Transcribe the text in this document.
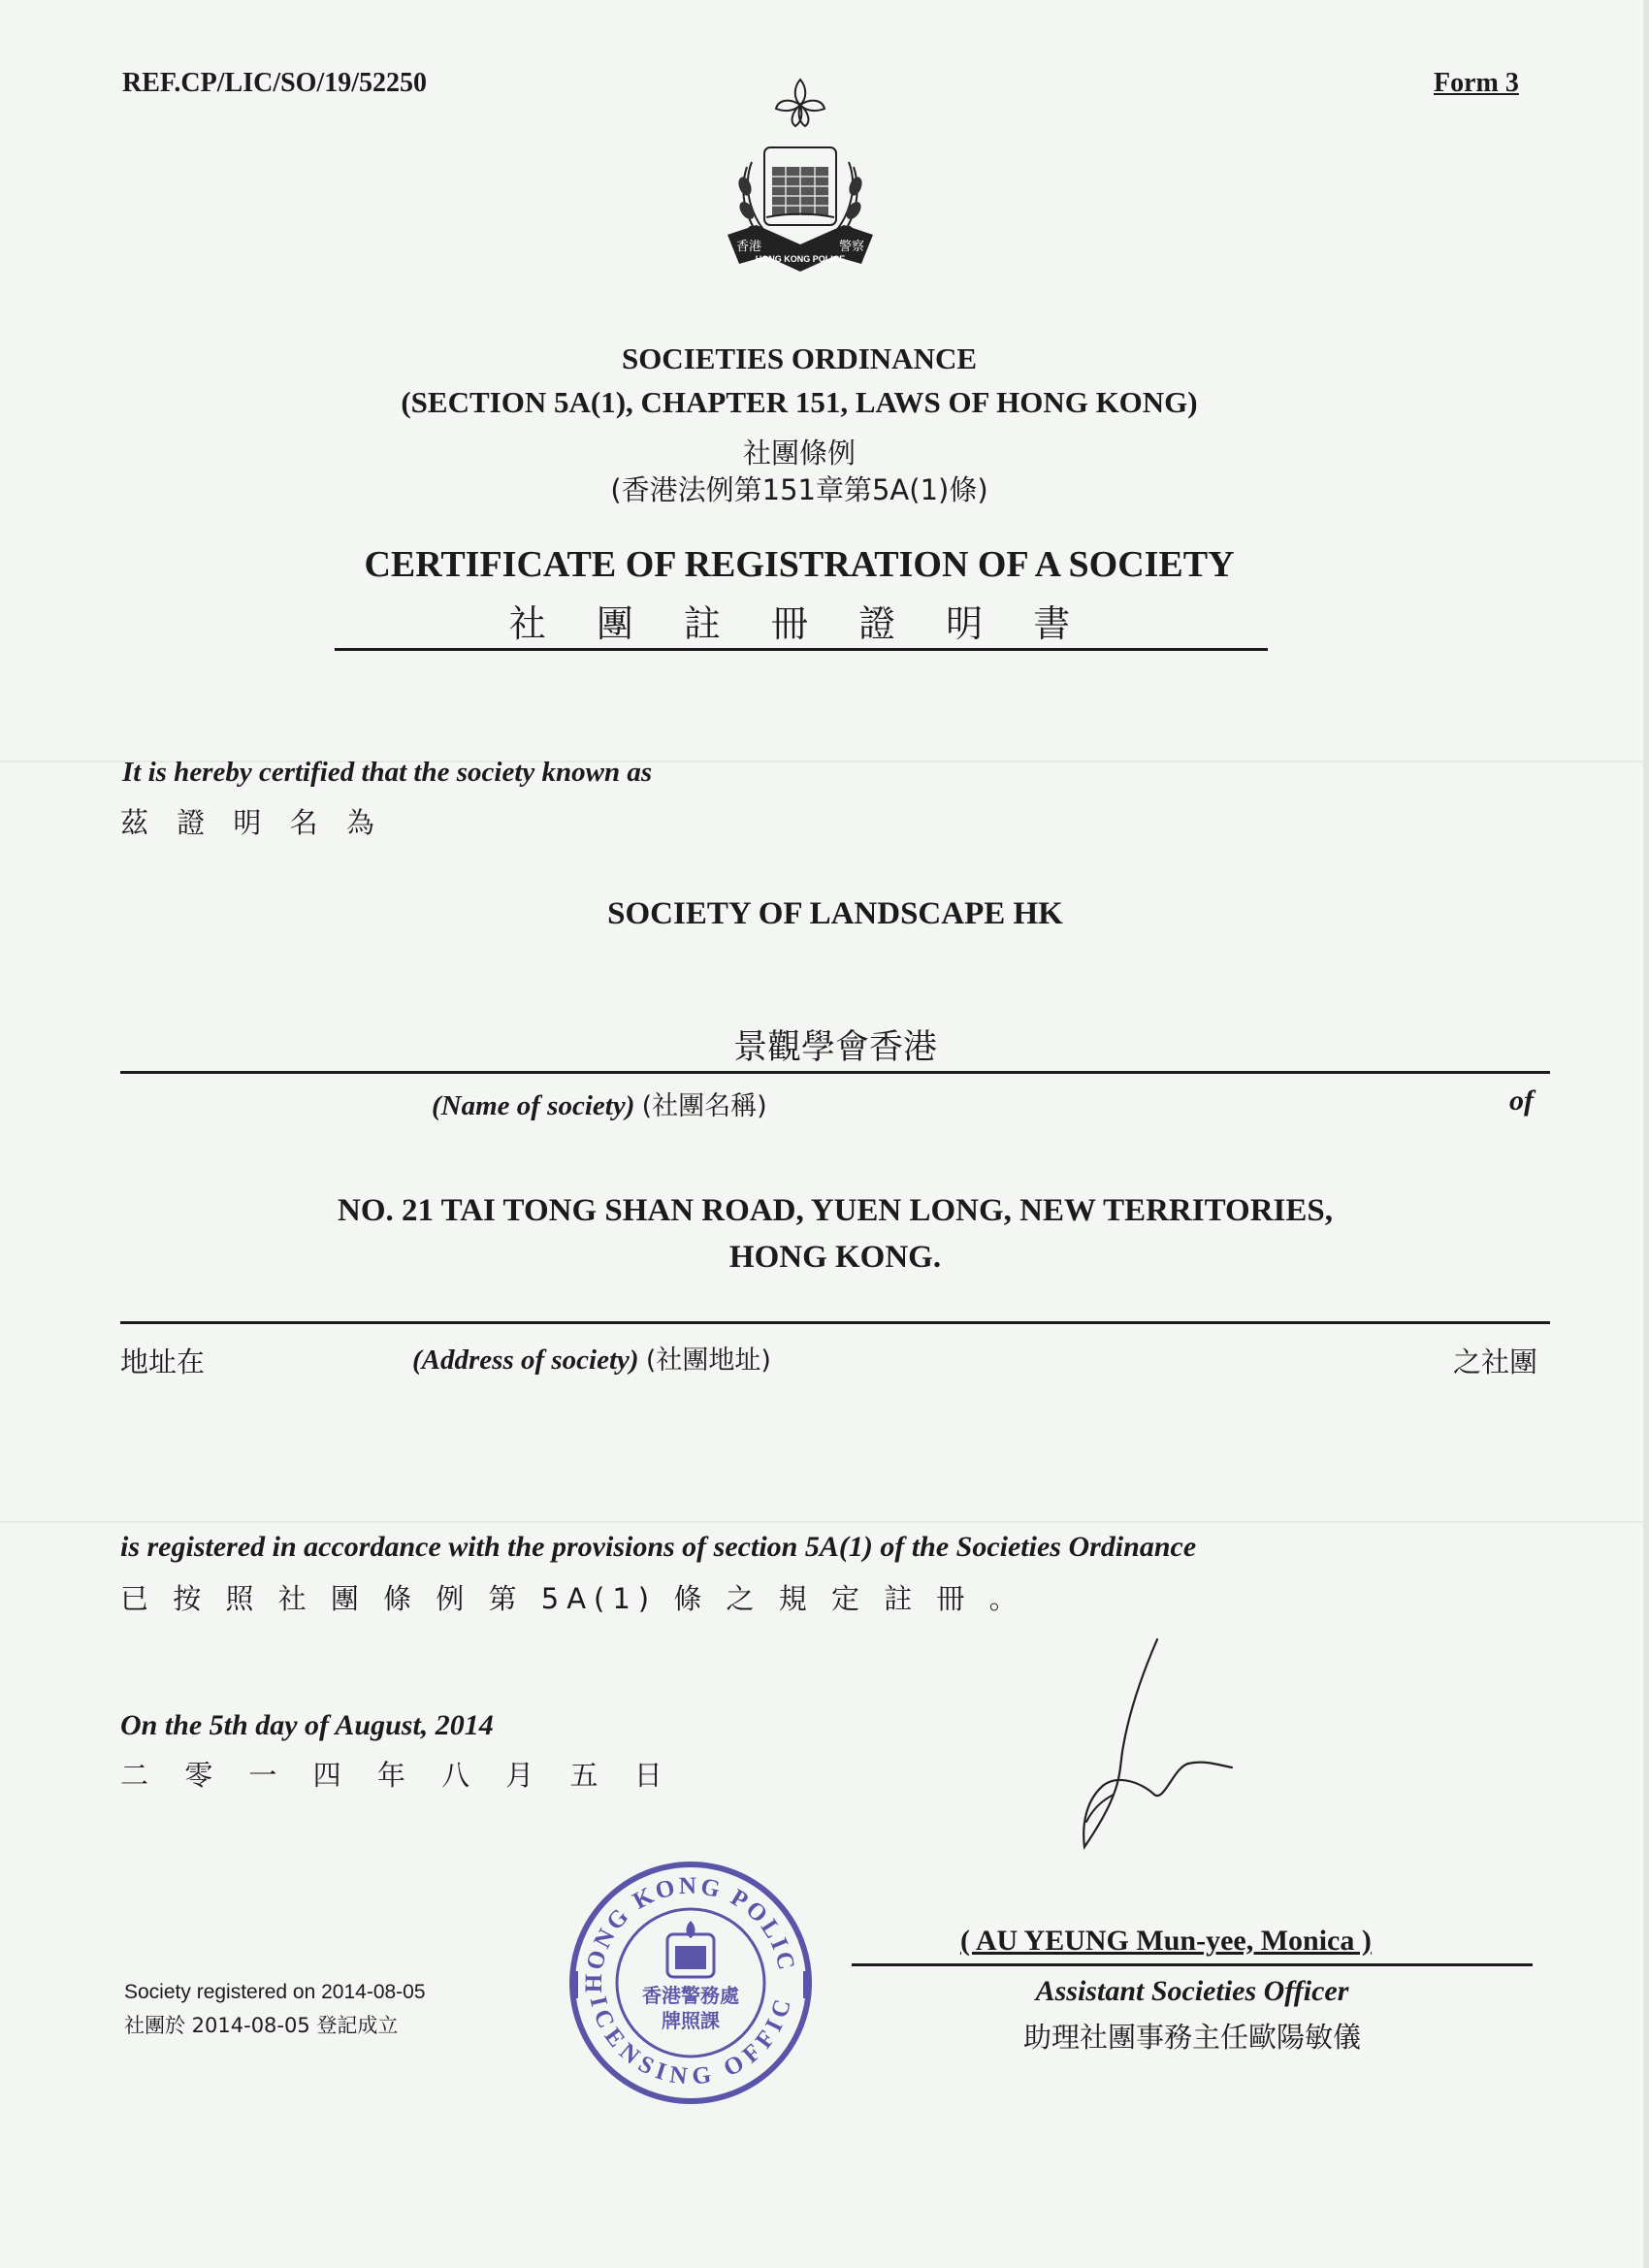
REF.CP/LIC/SO/19/52250	Form 3
HONG KONG POLICE
香港	警察
SOCIETIES ORDINANCE
(SECTION 5A(1), CHAPTER 151, LAWS OF HONG KONG)
社團條例
(香港法例第151章第5A(1)條)
CERTIFICATE OF REGISTRATION OF A SOCIETY
社 團 註 冊 證 明 書
It is hereby certified that the society known as
茲 證 明 名 為
SOCIETY OF LANDSCAPE HK
景觀學會香港
(Name of society) (社團名稱)	of
NO. 21 TAI TONG SHAN ROAD, YUEN LONG, NEW TERRITORIES,
HONG KONG.
地址在	(Address of society) (社團地址)	之社團
is registered in accordance with the provisions of section 5A(1) of the Societies Ordinance
已 按 照 社 團 條 例 第 5A(1) 條 之 規 定 註 冊 。
On the 5th day of August, 2014
二 零 一 四 年 八 月 五 日
HONG KONG POLIC
ICENSING OFFIC
香港警務處
牌照課
( AU YEUNG Mun-yee, Monica )
Assistant Societies Officer
助理社團事務主任歐陽敏儀
Society registered on 2014-08-05
社團於 2014-08-05 登記成立
